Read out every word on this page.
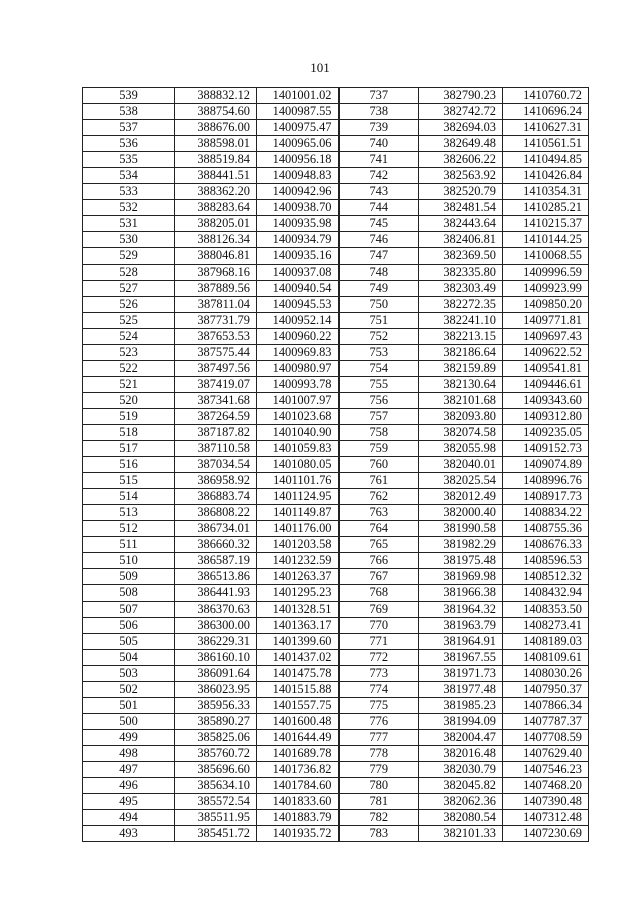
101
539	388832.12	1401001.02	737	382790.23	1410760.72
538	388754.60	1400987.55	738	382742.72	1410696.24
537	388676.00	1400975.47	739	382694.03	1410627.31
536	388598.01	1400965.06	740	382649.48	1410561.51
535	388519.84	1400956.18	741	382606.22	1410494.85
534	388441.51	1400948.83	742	382563.92	1410426.84
533	388362.20	1400942.96	743	382520.79	1410354.31
532	388283.64	1400938.70	744	382481.54	1410285.21
531	388205.01	1400935.98	745	382443.64	1410215.37
530	388126.34	1400934.79	746	382406.81	1410144.25
529	388046.81	1400935.16	747	382369.50	1410068.55
528	387968.16	1400937.08	748	382335.80	1409996.59
527	387889.56	1400940.54	749	382303.49	1409923.99
526	387811.04	1400945.53	750	382272.35	1409850.20
525	387731.79	1400952.14	751	382241.10	1409771.81
524	387653.53	1400960.22	752	382213.15	1409697.43
523	387575.44	1400969.83	753	382186.64	1409622.52
522	387497.56	1400980.97	754	382159.89	1409541.81
521	387419.07	1400993.78	755	382130.64	1409446.61
520	387341.68	1401007.97	756	382101.68	1409343.60
519	387264.59	1401023.68	757	382093.80	1409312.80
518	387187.82	1401040.90	758	382074.58	1409235.05
517	387110.58	1401059.83	759	382055.98	1409152.73
516	387034.54	1401080.05	760	382040.01	1409074.89
515	386958.92	1401101.76	761	382025.54	1408996.76
514	386883.74	1401124.95	762	382012.49	1408917.73
513	386808.22	1401149.87	763	382000.40	1408834.22
512	386734.01	1401176.00	764	381990.58	1408755.36
511	386660.32	1401203.58	765	381982.29	1408676.33
510	386587.19	1401232.59	766	381975.48	1408596.53
509	386513.86	1401263.37	767	381969.98	1408512.32
508	386441.93	1401295.23	768	381966.38	1408432.94
507	386370.63	1401328.51	769	381964.32	1408353.50
506	386300.00	1401363.17	770	381963.79	1408273.41
505	386229.31	1401399.60	771	381964.91	1408189.03
504	386160.10	1401437.02	772	381967.55	1408109.61
503	386091.64	1401475.78	773	381971.73	1408030.26
502	386023.95	1401515.88	774	381977.48	1407950.37
501	385956.33	1401557.75	775	381985.23	1407866.34
500	385890.27	1401600.48	776	381994.09	1407787.37
499	385825.06	1401644.49	777	382004.47	1407708.59
498	385760.72	1401689.78	778	382016.48	1407629.40
497	385696.60	1401736.82	779	382030.79	1407546.23
496	385634.10	1401784.60	780	382045.82	1407468.20
495	385572.54	1401833.60	781	382062.36	1407390.48
494	385511.95	1401883.79	782	382080.54	1407312.48
493	385451.72	1401935.72	783	382101.33	1407230.69
